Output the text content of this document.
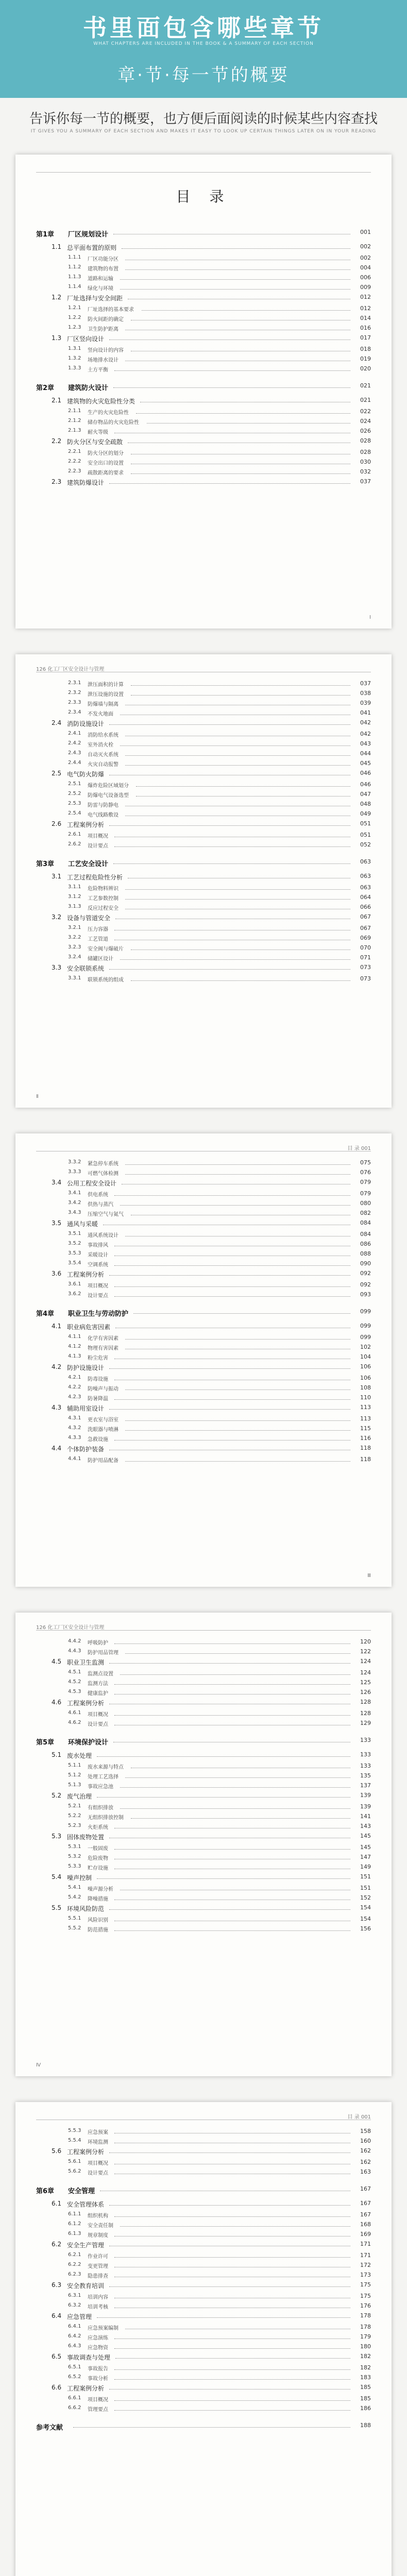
书里面包含哪些章节
WHAT CHAPTERS ARE INCLUDED IN THE BOOK & A SUMMARY OF EACH SECTION
章·节·每一节的概要
告诉你每一节的概要，也方便后面阅读的时候某些内容查找
IT GIVES YOU A SUMMARY OF EACH SECTION AND MAKES IT EASY TO LOOK UP CERTAIN THINGS LATER ON IN YOUR READING
目 录
第1章 厂区规划设计	001
1.1 总平面布置的原则	002
1.1.1 厂区功能分区	002
1.1.2 建筑物的布置	004
1.1.3 道路和运输	006
1.1.4 绿化与环境	009
1.2 厂址选择与安全间距	012
1.2.1 厂址选择的基本要求	012
1.2.2 防火间距的确定	014
1.2.3 卫生防护距离	016
1.3 厂区竖向设计	017
1.3.1 竖向设计的内容	018
1.3.2 场地排水设计	019
1.3.3 土方平衡	020
第2章 建筑防火设计	021
2.1 建筑物的火灾危险性分类	021
2.1.1 生产的火灾危险性	022
2.1.2 储存物品的火灾危险性	024
2.1.3 耐火等级	026
2.2 防火分区与安全疏散	028
2.2.1 防火分区的划分	028
2.2.2 安全出口的设置	030
2.2.3 疏散距离的要求	032
2.3 建筑防爆设计	037
Ⅰ
126 化工厂区安全设计与管理
2.3.1 泄压面积的计算	037
2.3.2 泄压设施的设置	038
2.3.3 防爆墙与隔离	039
2.3.4 不发火地面	041
2.4 消防设施设计	042
2.4.1 消防给水系统	042
2.4.2 室外消火栓	043
2.4.3 自动灭火系统	044
2.4.4 火灾自动报警	045
2.5 电气防火防爆	046
2.5.1 爆炸危险区域划分	046
2.5.2 防爆电气设备选型	047
2.5.3 防雷与防静电	048
2.5.4 电气线路敷设	049
2.6 工程案例分析	051
2.6.1 项目概况	051
2.6.2 设计要点	052
第3章 工艺安全设计	063
3.1 工艺过程危险性分析	063
3.1.1 危险物料辨识	063
3.1.2 工艺参数控制	064
3.1.3 反应过程安全	066
3.2 设备与管道安全	067
3.2.1 压力容器	067
3.2.2 工艺管道	069
3.2.3 安全阀与爆破片	070
3.2.4 储罐区设计	071
3.3 安全联锁系统	073
3.3.1 联锁系统的组成	073
Ⅱ
目 录 001
3.3.2 紧急停车系统	075
3.3.3 可燃气体检测	076
3.4 公用工程安全设计	079
3.4.1 供电系统	079
3.4.2 供热与蒸汽	080
3.4.3 压缩空气与氮气	082
3.5 通风与采暖	084
3.5.1 通风系统设计	084
3.5.2 事故排风	086
3.5.3 采暖设计	088
3.5.4 空调系统	090
3.6 工程案例分析	092
3.6.1 项目概况	092
3.6.2 设计要点	093
第4章 职业卫生与劳动防护	099
4.1 职业病危害因素	099
4.1.1 化学有害因素	099
4.1.2 物理有害因素	102
4.1.3 粉尘危害	104
4.2 防护设施设计	106
4.2.1 防毒设施	106
4.2.2 防噪声与振动	108
4.2.3 防暑降温	110
4.3 辅助用室设计	113
4.3.1 更衣室与浴室	113
4.3.2 洗眼器与喷淋	115
4.3.3 急救设施	116
4.4 个体防护装备	118
4.4.1 防护用品配备	118
Ⅲ
126 化工厂区安全设计与管理
4.4.2 呼吸防护	120
4.4.3 防护用品管理	122
4.5 职业卫生监测	124
4.5.1 监测点设置	124
4.5.2 监测方法	125
4.5.3 健康监护	126
4.6 工程案例分析	128
4.6.1 项目概况	128
4.6.2 设计要点	129
第5章 环境保护设计	133
5.1 废水处理	133
5.1.1 废水来源与特点	133
5.1.2 处理工艺选择	135
5.1.3 事故应急池	137
5.2 废气治理	139
5.2.1 有组织排放	139
5.2.2 无组织排放控制	141
5.2.3 火炬系统	143
5.3 固体废物处置	145
5.3.1 一般固废	145
5.3.2 危险废物	147
5.3.3 贮存设施	149
5.4 噪声控制	151
5.4.1 噪声源分析	151
5.4.2 降噪措施	152
5.5 环境风险防范	154
5.5.1 风险识别	154
5.5.2 防范措施	156
Ⅳ
目 录 001
5.5.3 应急预案	158
5.5.4 环境监测	160
5.6 工程案例分析	162
5.6.1 项目概况	162
5.6.2 设计要点	163
第6章 安全管理	167
6.1 安全管理体系	167
6.1.1 组织机构	167
6.1.2 安全责任制	168
6.1.3 规章制度	169
6.2 安全生产管理	171
6.2.1 作业许可	171
6.2.2 变更管理	172
6.2.3 隐患排查	173
6.3 安全教育培训	175
6.3.1 培训内容	175
6.3.2 培训考核	176
6.4 应急管理	178
6.4.1 应急预案编制	178
6.4.2 应急演练	179
6.4.3 应急物资	180
6.5 事故调查与处理	182
6.5.1 事故报告	182
6.5.2 事故分析	183
6.6 工程案例分析	185
6.6.1 项目概况	185
6.6.2 管理要点	186
参考文献	188
